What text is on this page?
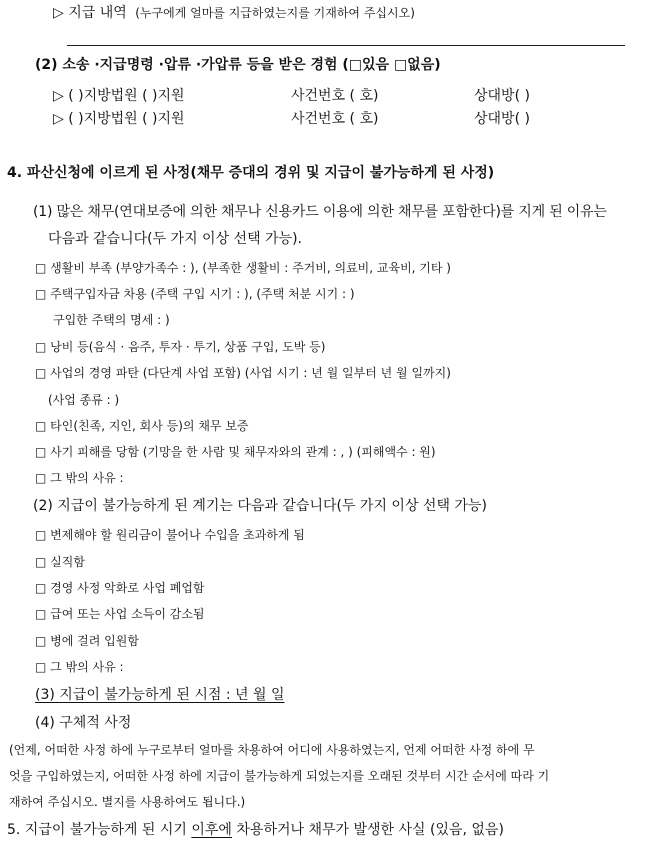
▷ 지급 내역 (누구에게 얼마를 지급하였는지를 기재하여 주십시오)
(2) 소송 ·지급명령 ·압류 ·가압류 등을 받은 경험 (□있음 □없음)
▷ ( )지방법원 ( )지원	사건번호 ( 호)	상대방( )
▷ ( )지방법원 ( )지원	사건번호 ( 호)	상대방( )
4. 파산신청에 이르게 된 사정(채무 증대의 경위 및 지급이 불가능하게 된 사정)
(1) 많은 채무(연대보증에 의한 채무나 신용카드 이용에 의한 채무를 포함한다)를 지게 된 이유는
다음과 같습니다(두 가지 이상 선택 가능).
□ 생활비 부족 (부양가족수 : ), (부족한 생활비 : 주거비, 의료비, 교육비, 기타 )
□ 주택구입자금 차용 (주택 구입 시기 : ), (주택 처분 시기 : )
구입한 주택의 명세 : )
□ 낭비 등(음식 · 음주, 투자 · 투기, 상품 구입, 도박 등)
□ 사업의 경영 파탄 (다단계 사업 포함) (사업 시기 : 년 월 일부터 년 월 일까지)
(사업 종류 : )
□ 타인(친족, 지인, 회사 등)의 채무 보증
□ 사기 피해를 당함 (기망을 한 사람 및 채무자와의 관계 : , ) (피해액수 : 원)
□ 그 밖의 사유 :
(2) 지급이 불가능하게 된 계기는 다음과 같습니다(두 가지 이상 선택 가능)
□ 변제해야 할 원리금이 불어나 수입을 초과하게 됨
□ 실직함
□ 경영 사정 악화로 사업 폐업함
□ 급여 또는 사업 소득이 감소됨
□ 병에 걸려 입원함
□ 그 밖의 사유 :
(3) 지급이 불가능하게 된 시점 : 년 월 일
(4) 구체적 사정
(언제, 어떠한 사정 하에 누구로부터 얼마를 차용하여 어디에 사용하였는지, 언제 어떠한 사정 하에 무
엇을 구입하였는지, 어떠한 사정 하에 지급이 불가능하게 되었는지를 오래된 것부터 시간 순서에 따라 기
재하여 주십시오. 별지를 사용하여도 됩니다.)
5. 지급이 불가능하게 된 시기 이후에 차용하거나 채무가 발생한 사실 (있음, 없음)
